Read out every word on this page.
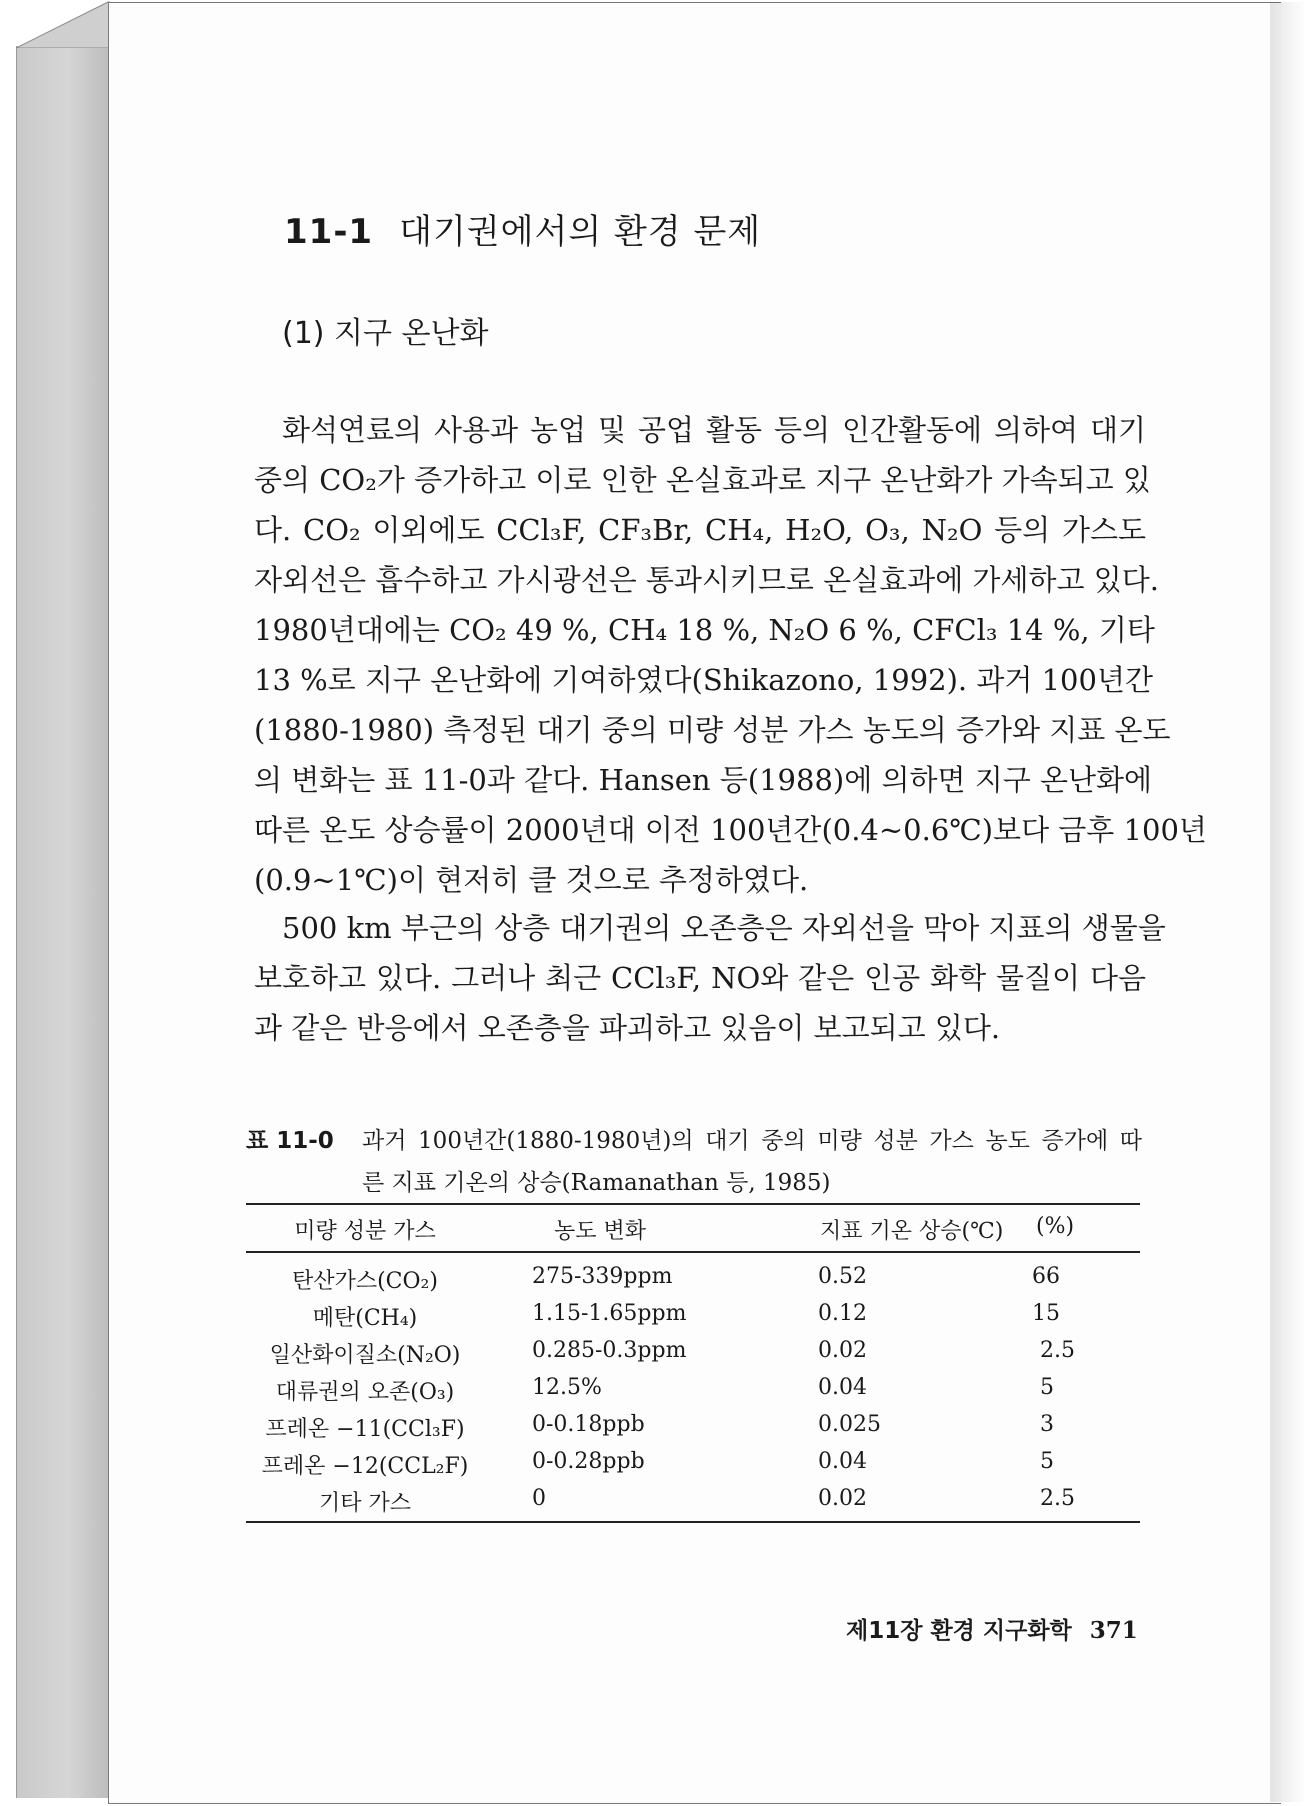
11-1 대기권에서의 환경 문제
(1) 지구 온난화
화석연료의 사용과 농업 및 공업 활동 등의 인간활동에 의하여 대기
중의 CO₂가 증가하고 이로 인한 온실효과로 지구 온난화가 가속되고 있
다. CO₂ 이외에도 CCl₃F, CF₃Br, CH₄, H₂O, O₃, N₂O 등의 가스도
자외선은 흡수하고 가시광선은 통과시키므로 온실효과에 가세하고 있다.
1980년대에는 CO₂ 49 %, CH₄ 18 %, N₂O 6 %, CFCl₃ 14 %, 기타
13 %로 지구 온난화에 기여하였다(Shikazono, 1992). 과거 100년간
(1880-1980) 측정된 대기 중의 미량 성분 가스 농도의 증가와 지표 온도
의 변화는 표 11-0과 같다. Hansen 등(1988)에 의하면 지구 온난화에
따른 온도 상승률이 2000년대 이전 100년간(0.4~0.6℃)보다 금후 100년
(0.9~1℃)이 현저히 클 것으로 추정하였다.
500 km 부근의 상층 대기권의 오존층은 자외선을 막아 지표의 생물을
보호하고 있다. 그러나 최근 CCl₃F, NO와 같은 인공 화학 물질이 다음
과 같은 반응에서 오존층을 파괴하고 있음이 보고되고 있다.
표 11-0 과거 100년간(1880-1980년)의 대기 중의 미량 성분 가스 농도 증가에 따
른 지표 기온의 상승(Ramanathan 등, 1985)
미량 성분 가스	농도 변화	지표 기온 상승(℃) (%)
탄산가스(CO₂)	275-339ppm	0.52	66
메탄(CH₄)	1.15-1.65ppm	0.12	15
일산화이질소(N₂O)	0.285-0.3ppm	0.02	2.5
대류권의 오존(O₃)	12.5%	0.04	5
프레온 −11(CCl₃F)	0-0.18ppb	0.025	3
프레온 −12(CCL₂F)	0-0.28ppb	0.04	5
기타 가스	0	0.02	2.5
제11장 환경 지구화학 371
